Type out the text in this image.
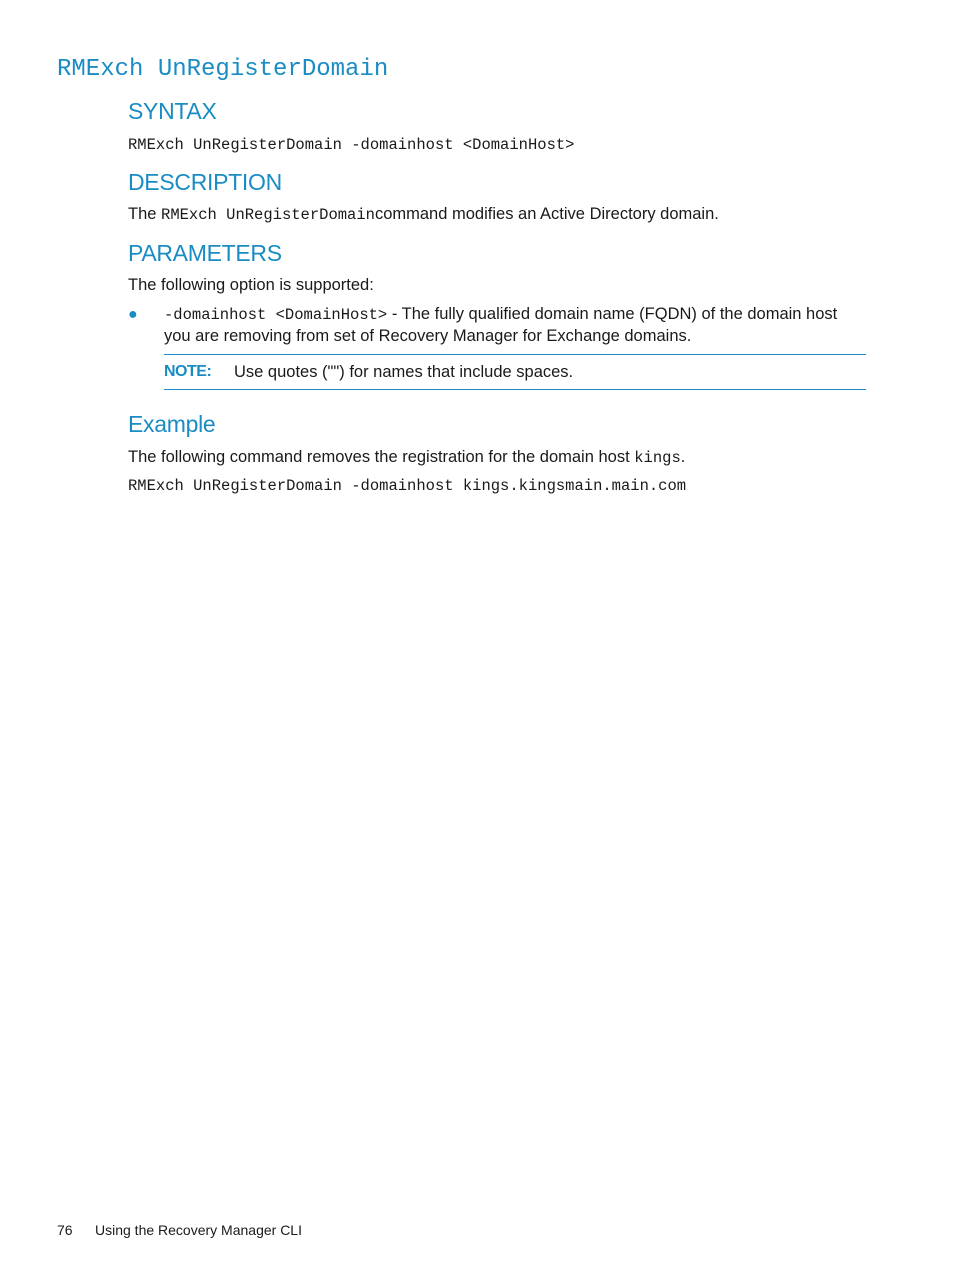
RMExch UnRegisterDomain
SYNTAX

RMExch UnRegisterDomain -domainhost <DomainHost>

DESCRIPTION

The RMExch UnRegisterDomaincommand modifies an Active Directory domain.

PARAMETERS

The following option is supported:

● -domainhost <DomainHost> - The fully qualified domain name (FQDN) of the domain host you are removing from set of Recovery Manager for Exchange domains.
NOTE: Use quotes ("") for names that include spaces.
Example

The following command removes the registration for the domain host kings.

RMExch UnRegisterDomain -domainhost kings.kingsmain.main.com

76 Using the Recovery Manager CLI
